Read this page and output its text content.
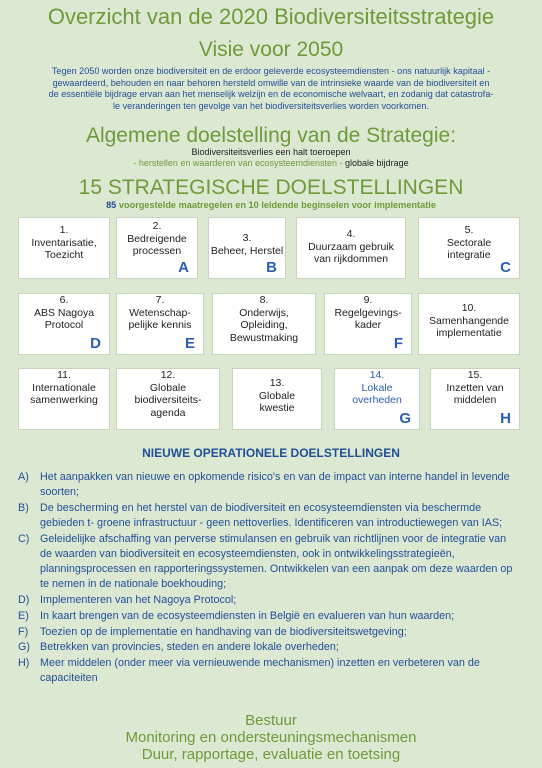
Overzicht van de 2020 Biodiversiteitsstrategie
Visie voor 2050
Tegen 2050 worden onze biodiversiteit en de erdoor geleverde ecosysteemdiensten - ons natuurlijk kapitaal -
gewaardeerd, behouden en naar behoren hersteld omwille van de intrinsieke waarde van de biodiversiteit en
de essentiële bijdrage ervan aan het menselijk welzijn en de economische welvaart, en zodanig dat catastrofa-
le veranderingen ten gevolge van het biodiversiteitsverlies worden voorkomen.
Algemene doelstelling van de Strategie:
Biodiversiteitsverlies een halt toeroepen
- herstellen en waarderen van ecosysteemdiensten - globale bijdrage
15 STRATEGISCHE DOELSTELLINGEN
85 voorgestelde maatregelen en 10 leidende beginselen voor implementatie
1.
Inventarisatie,
Toezicht
2.
Bedreigende
processen
A
3.
Beheer, Herstel
B
4.
Duurzaam gebruik
van rijkdommen
5.
Sectorale
integratie
C
6.
ABS Nagoya
Protocol
D
7.
Wetenschap-
pelijke kennis
E
8.
Onderwijs,
Opleiding,
Bewustmaking
9.
Regelgevings-
kader
F
10.
Samenhangende
implementatie
11.
Internationale
samenwerking
12.
Globale
biodiversiteits-
agenda
13.
Globale
kwestie
14.
Lokale
overheden
G
15.
Inzetten van
middelen
H
NIEUWE OPERATIONELE DOELSTELLINGEN
A) Het aanpakken van nieuwe en opkomende risico's en van de impact van interne handel in levende soorten;
B) De bescherming en het herstel van de biodiversiteit en ecosysteemdiensten via beschermde gebieden t- groene infrastructuur - geen nettoverlies. Identificeren van introductiewegen van IAS;
C) Geleidelijke afschaffing van perverse stimulansen en gebruik van richtlijnen voor de integratie van de waarden van biodiversiteit en ecosysteemdiensten, ook in ontwikkelingsstrategieën, planningsprocessen en rapporteringssystemen. Ontwikkelen van een aanpak om deze waarden op te nemen in de nationale boekhouding;
D) Implementeren van het Nagoya Protocol;
E) In kaart brengen van de ecosysteemdiensten in België en evalueren van hun waarden;
F) Toezien op de implementatie en handhaving van de biodiversiteitswetgeving;
G) Betrekken van provincies, steden en andere lokale overheden;
H) Meer middelen (onder meer via vernieuwende mechanismen) inzetten en verbeteren van de capaciteiten
Bestuur
Monitoring en ondersteuningsmechanismen
Duur, rapportage, evaluatie en toetsing
